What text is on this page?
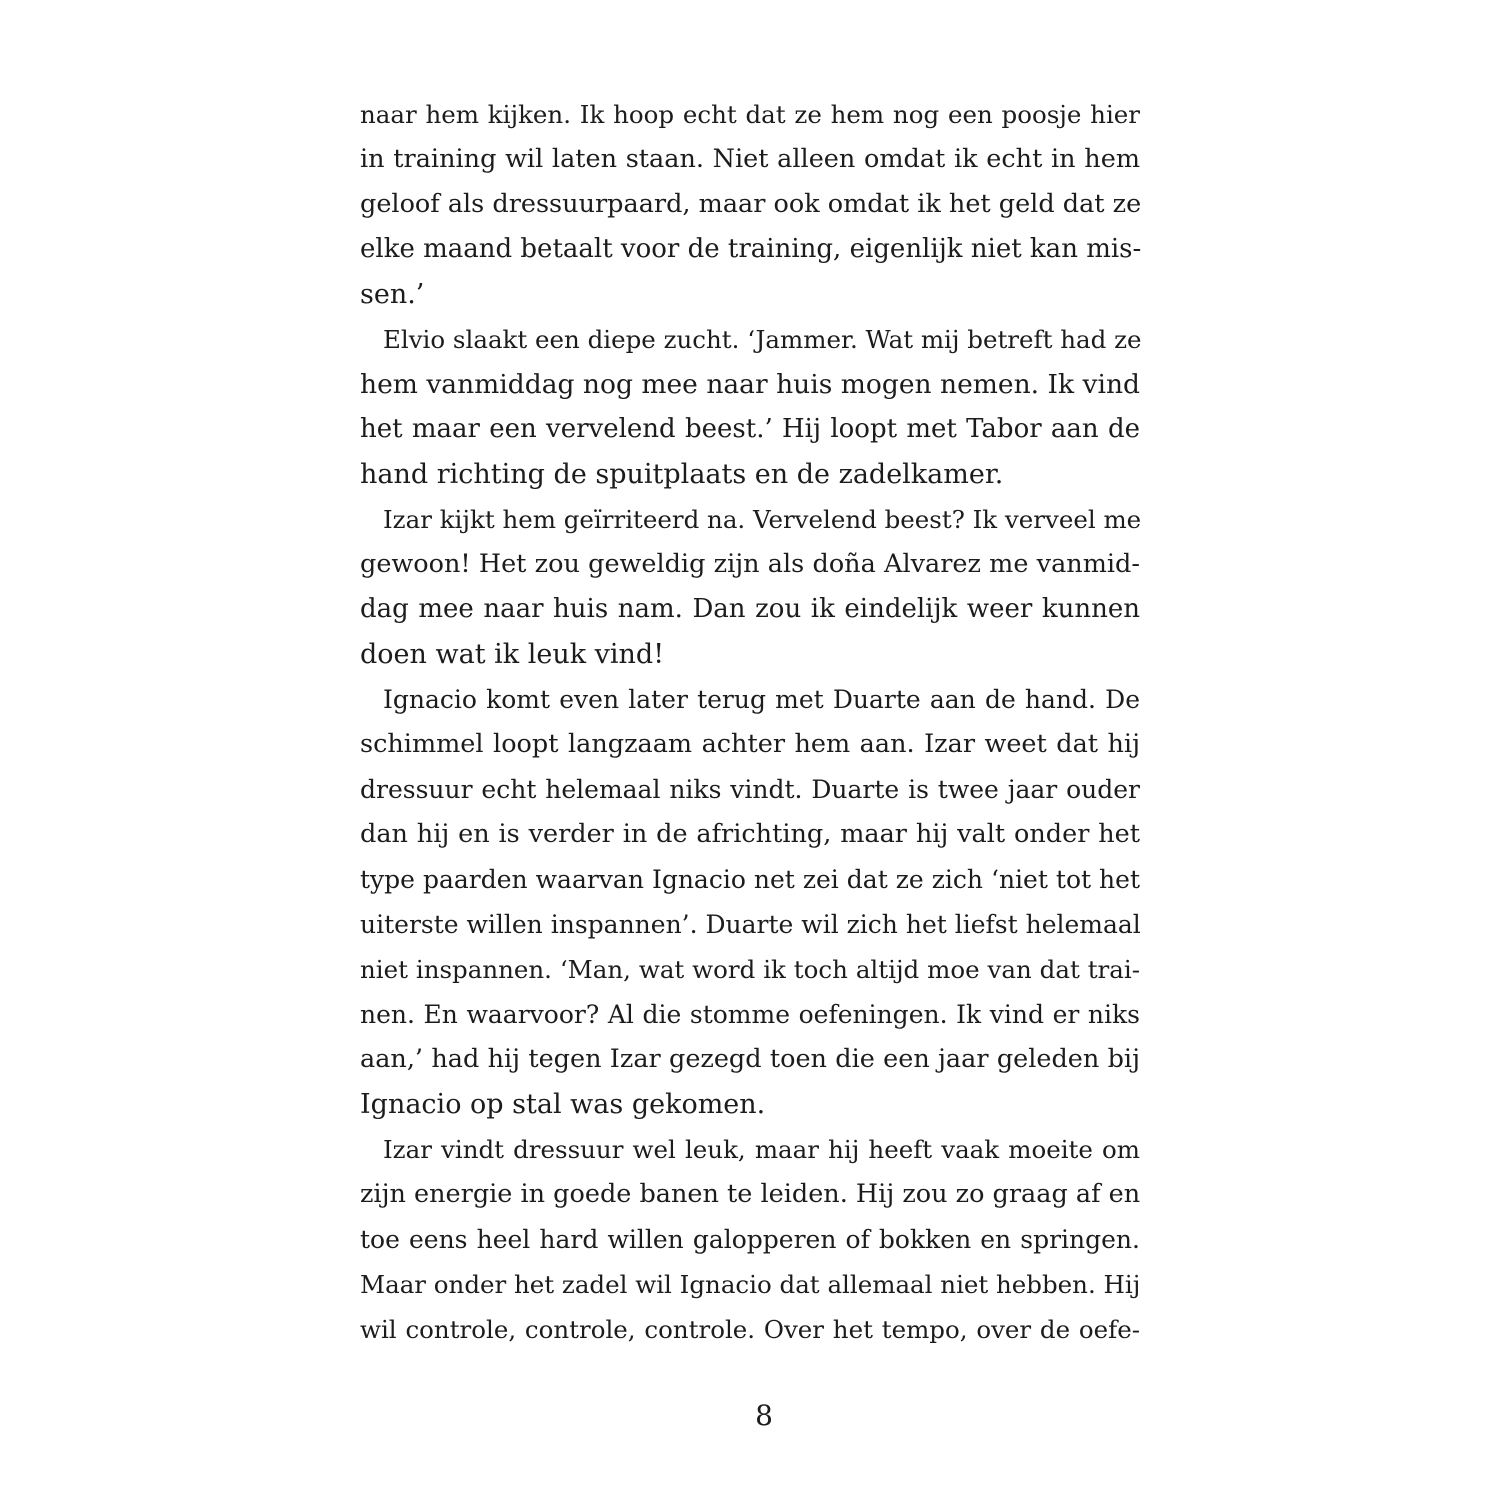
naar hem kijken. Ik hoop echt dat ze hem nog een poosje hier
in training wil laten staan. Niet alleen omdat ik echt in hem
geloof als dressuurpaard, maar ook omdat ik het geld dat ze
elke maand betaalt voor de training, eigenlijk niet kan mis-
sen.’
Elvio slaakt een diepe zucht. ‘Jammer. Wat mij betreft had ze
hem vanmiddag nog mee naar huis mogen nemen. Ik vind
het maar een vervelend beest.’ Hij loopt met Tabor aan de
hand richting de spuitplaats en de zadelkamer.
Izar kijkt hem geïrriteerd na. Vervelend beest? Ik verveel me
gewoon! Het zou geweldig zijn als doña Alvarez me vanmid-
dag mee naar huis nam. Dan zou ik eindelijk weer kunnen
doen wat ik leuk vind!
Ignacio komt even later terug met Duarte aan de hand. De
schimmel loopt langzaam achter hem aan. Izar weet dat hij
dressuur echt helemaal niks vindt. Duarte is twee jaar ouder
dan hij en is verder in de africhting, maar hij valt onder het
type paarden waarvan Ignacio net zei dat ze zich ‘niet tot het
uiterste willen inspannen’. Duarte wil zich het liefst helemaal
niet inspannen. ‘Man, wat word ik toch altijd moe van dat trai-
nen. En waarvoor? Al die stomme oefeningen. Ik vind er niks
aan,’ had hij tegen Izar gezegd toen die een jaar geleden bij
Ignacio op stal was gekomen.
Izar vindt dressuur wel leuk, maar hij heeft vaak moeite om
zijn energie in goede banen te leiden. Hij zou zo graag af en
toe eens heel hard willen galopperen of bokken en springen.
Maar onder het zadel wil Ignacio dat allemaal niet hebben. Hij
wil controle, controle, controle. Over het tempo, over de oefe-
8
